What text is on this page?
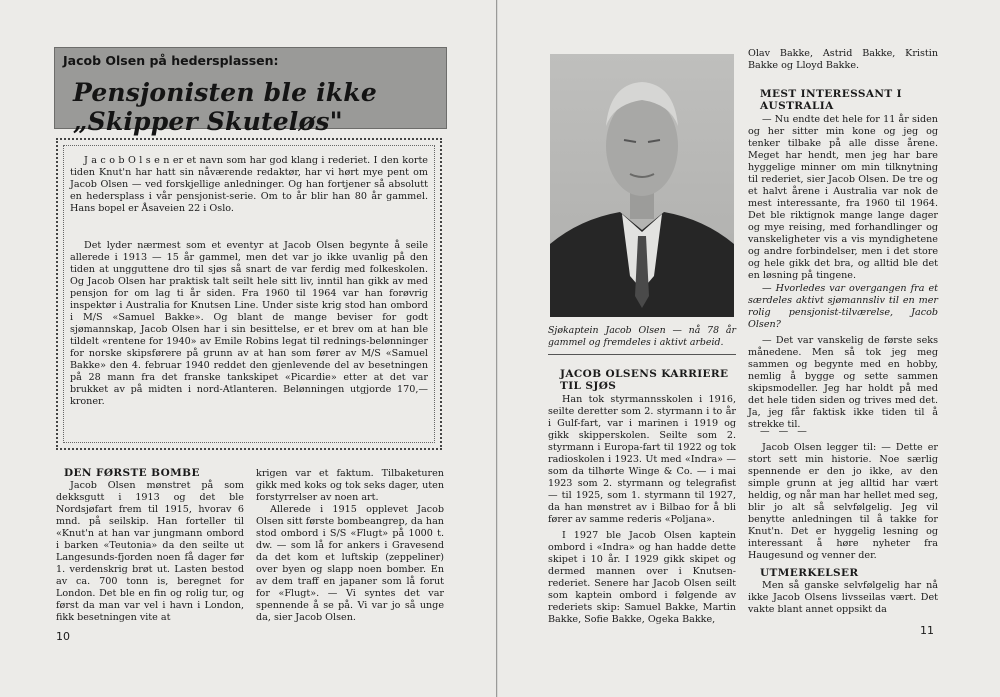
Jacob Olsen på hedersplassen:
Pensjonisten ble ikke „Skipper Skuteløs"

J a c o b O l s e n er et navn som har god klang i rederiet. I den korte tiden Knut'n har hatt sin nåværende redaktør, har vi hørt mye pent om Jacob Olsen — ved forskjellige anledninger. Og han fortjener så absolutt en hedersplass i vår pensjonist-serie. Om to år blir han 80 år gammel. Hans bopel er Åsaveien 22 i Oslo.

Det lyder nærmest som et eventyr at Jacob Olsen begynte å seile allerede i 1913 — 15 år gammel, men det var jo ikke uvanlig på den tiden at ungguttene dro til sjøs så snart de var ferdig med folkeskolen. Og Jacob Olsen har praktisk talt seilt hele sitt liv, inntil han gikk av med pensjon for om lag ti år siden. Fra 1960 til 1964 var han forøvrig inspektør i Australia for Knutsen Line. Under siste krig stod han ombord i M/S «Samuel Bakke». Og blant de mange beviser for godt sjømannskap, Jacob Olsen har i sin besittelse, er et brev om at han ble tildelt «rentene for 1940» av Emile Robins legat til rednings-belønninger for norske skipsførere på grunn av at han som fører av M/S «Samuel Bakke» den 4. februar 1940 reddet den gjenlevende del av besetningen på 28 mann fra det franske tankskipet «Picardie» etter at det var brukket av på midten i nord-Atlanteren. Belønningen utgjorde 170,— kroner.

DEN FØRSTE BOMBE

Jacob Olsen mønstret på som dekksgutt i 1913 og det ble Nordsjøfart frem til 1915, hvorav 6 mnd. på seilskip. Han forteller til «Knut'n at han var jungmann ombord i barken «Teutonia» da den seilte ut Langesunds-fjorden noen få dager før 1. verdenskrig brøt ut. Lasten bestod av ca. 700 tonn is, beregnet for London. Det ble en fin og rolig tur, og først da man var vel i havn i London, fikk besetningen vite at

krigen var et faktum. Tilbaketuren gikk med koks og tok seks dager, uten forstyrrelser av noen art.

Allerede i 1915 opplevet Jacob Olsen sitt første bombeangrep, da han stod ombord i S/S «Flugt» på 1000 t. dw. — som lå for ankers i Gravesend da det kom et luftskip (zeppeliner) over byen og slapp noen bomber. En av dem traff en japaner som lå forut for «Flugt». — Vi syntes det var spennende å se på. Vi var jo så unge da, sier Jacob Olsen.

10

Sjøkaptein Jacob Olsen — nå 78 år gammel og fremdeles i aktivt arbeid.

JACOB OLSENS KARRIERE TIL SJØS

Han tok styrmannsskolen i 1916, seilte deretter som 2. styrmann i to år i Gulf-fart, var i marinen i 1919 og gikk skipperskolen. Seilte som 2. styrmann i Europa-fart til 1922 og tok radioskolen i 1923. Ut med «Indra» — som da tilhørte Winge & Co. — i mai 1923 som 2. styrmann og telegrafist — til 1925, som 1. styrmann til 1927, da han mønstret av i Bilbao for å bli fører av samme rederis «Poljana».

I 1927 ble Jacob Olsen kaptein ombord i «Indra» og han hadde dette skipet i 10 år. I 1929 gikk skipet og dermed mannen over i Knutsen-rederiet. Senere har Jacob Olsen seilt som kaptein ombord i følgende av rederiets skip: Samuel Bakke, Martin Bakke, Sofie Bakke, Ogeka Bakke,

Olav Bakke, Astrid Bakke, Kristin Bakke og Lloyd Bakke.

MEST INTERESSANT I AUSTRALIA

— Nu endte det hele for 11 år siden og her sitter min kone og jeg og tenker tilbake på alle disse årene. Meget har hendt, men jeg har bare hyggelige minner om min tilknytning til rederiet, sier Jacob Olsen. De tre og et halvt årene i Australia var nok de mest interessante, fra 1960 til 1964. Det ble riktignok mange lange dager og mye reising, med forhandlinger og vanskeligheter vis a vis myndighetene og andre forbindelser, men i det store og hele gikk det bra, og alltid ble det en løsning på tingene.

— Hvorledes var overgangen fra et særdeles aktivt sjømannsliv til en mer rolig pensjonist-tilværelse, Jacob Olsen?

— Det var vanskelig de første seks månedene. Men så tok jeg meg sammen og begynte med en hobby, nemlig å bygge og sette sammen skipsmodeller. Jeg har holdt på med det hele tiden siden og trives med det. Ja, jeg får faktisk ikke tiden til å strekke til.

— — —

Jacob Olsen legger til: — Dette er stort sett min historie. Noe særlig spennende er den jo ikke, av den simple grunn at jeg alltid har vært heldig, og når man har hellet med seg, blir jo alt så selvfølgelig. Jeg vil benytte anledningen til å takke for Knut'n. Det er hyggelig lesning og interessant å høre nyheter fra Haugesund og venner der.

UTMERKELSER

Men så ganske selvfølgelig har nå ikke Jacob Olsens livsseilas vært. Det vakte blant annet oppsikt da

11
